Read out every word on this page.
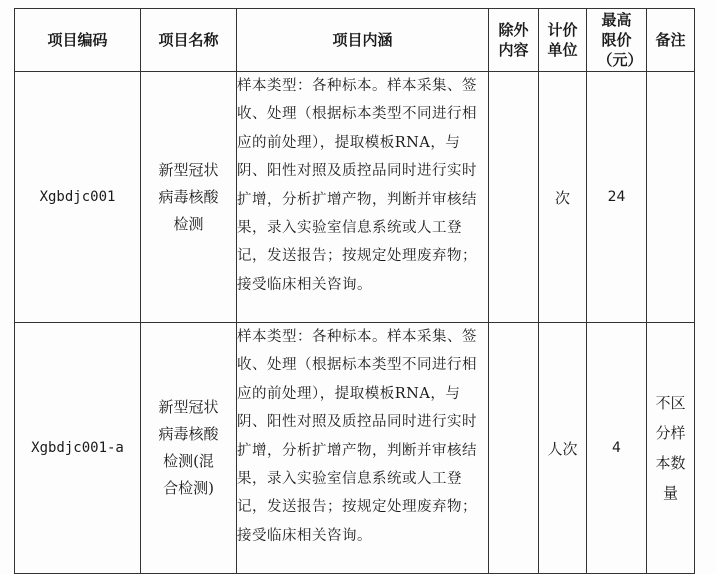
项目编码	项目名称	项目内涵	除外内容	计价单位	最高限价（元）	备注
Xgbdjc001	新型冠状病毒核酸检测	样本类型：各种标本。样本采集、签收、处理（根据标本类型不同进行相应的前处理），提取模板RNA，与阴、阳性对照及质控品同时进行实时扩增，分析扩增产物，判断并审核结果，录入实验室信息系统或人工登记，发送报告；按规定处理废弃物；接受临床相关咨询。		次	24	
Xgbdjc001-a	新型冠状病毒核酸检测(混合检测)	样本类型：各种标本。样本采集、签收、处理（根据标本类型不同进行相应的前处理），提取模板RNA，与阴、阳性对照及质控品同时进行实时扩增，分析扩增产物，判断并审核结果，录入实验室信息系统或人工登记，发送报告；按规定处理废弃物；接受临床相关咨询。		人次	4	不区分样本数量
